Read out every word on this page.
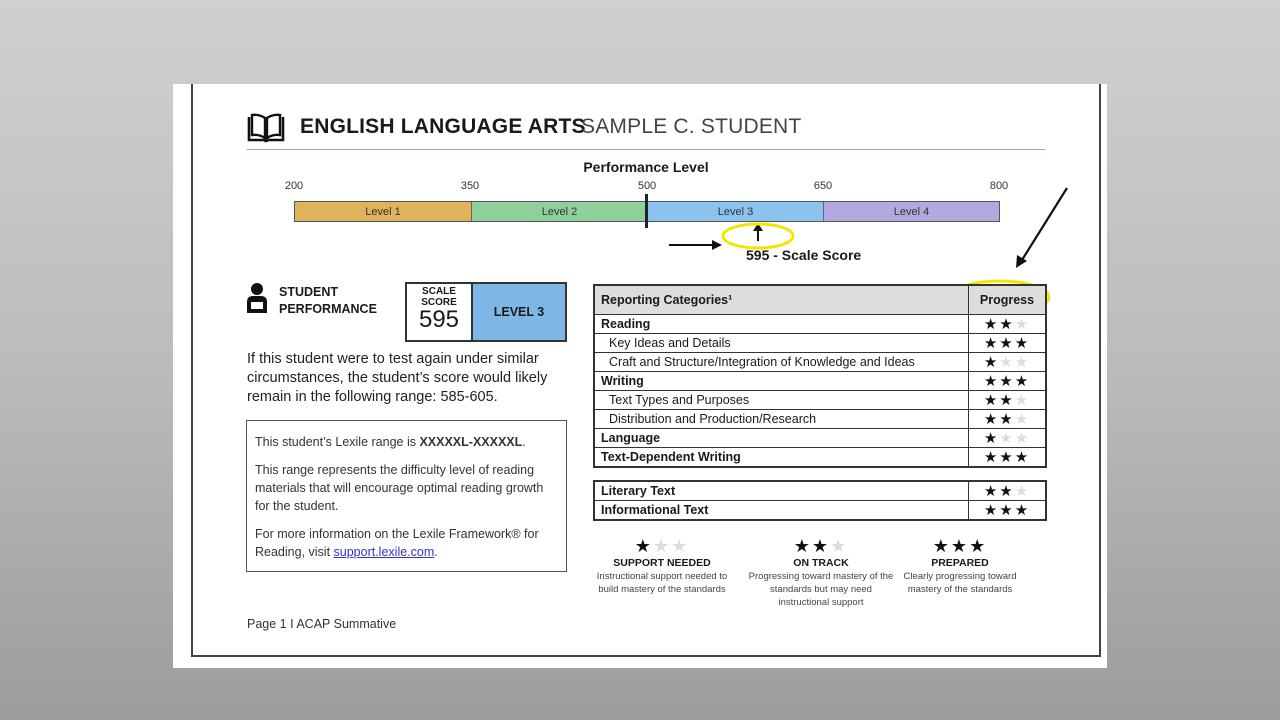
ENGLISH LANGUAGE ARTS
SAMPLE C. STUDENT
Performance Level
200	350	500	650	800
Level 1	Level 2	Level 3	Level 4
595 - Scale Score
STUDENT PERFORMANCE
SCALE SCORE
595	LEVEL 3
If this student were to test again under similar circumstances, the student’s score would likely remain in the following range: 585-605.

This student’s Lexile range is XXXXXL-XXXXXL.

This range represents the difficulty level of reading materials that will encourage optimal reading growth for the student.

For more information on the Lexile Framework® for Reading, visit support.lexile.com.

Page 1 I ACAP Summative
Reporting Categories¹	Progress
Reading	★★★
Key Ideas and Details	★★★
Craft and Structure/Integration of Knowledge and Ideas	★★★
Writing	★★★
Text Types and Purposes	★★★
Distribution and Production/Research	★★★
Language	★★★
Text-Dependent Writing	★★★
Literary Text	★★★
Informational Text	★★★
★★★
SUPPORT NEEDED
Instructional support needed to build mastery of the standards
★★★
ON TRACK
Progressing toward mastery of the standards but may need instructional support
★★★
PREPARED
Clearly progressing toward mastery of the standards
